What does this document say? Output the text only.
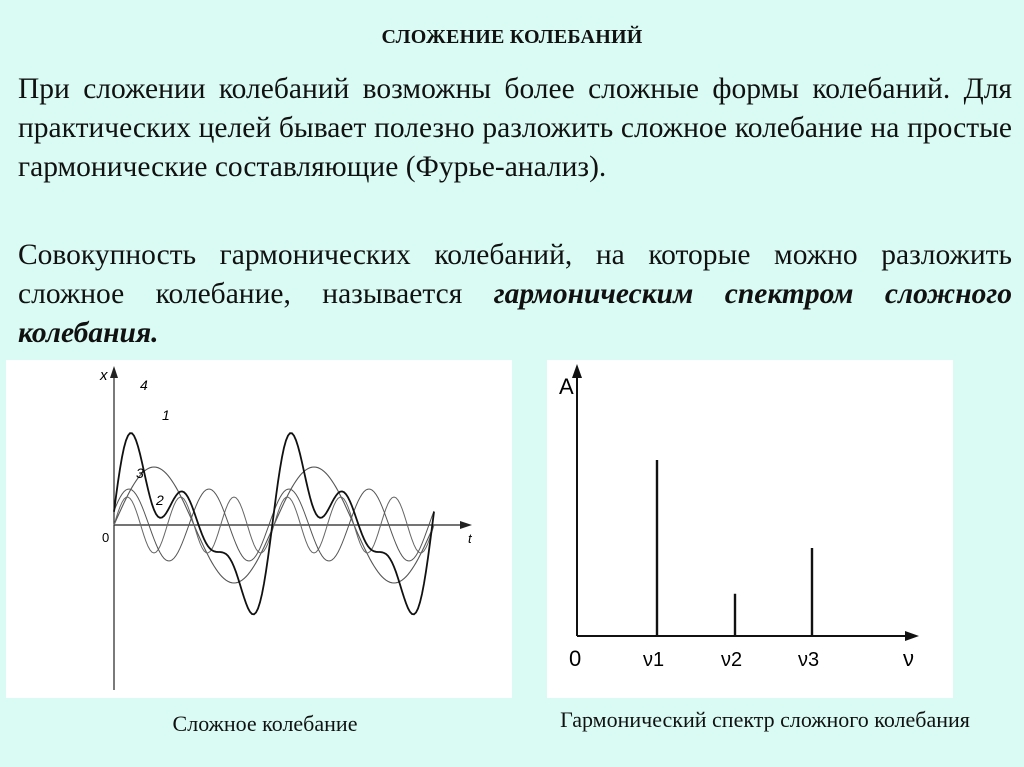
СЛОЖЕНИЕ КОЛЕБАНИЙ

При сложении колебаний возможны более сложные формы колебаний. Для практических целей бывает полезно разложить сложное колебание на простые гармонические составляющие (Фурье-анализ).

Совокупность гармонических колебаний, на которые можно разложить сложное колебание, называется гармоническим спектром сложного колебания.

x
t
0
4
1
3
2
A
ν
0	ν1	ν2	ν3
Сложное колебание	Гармонический спектр сложного колебания
